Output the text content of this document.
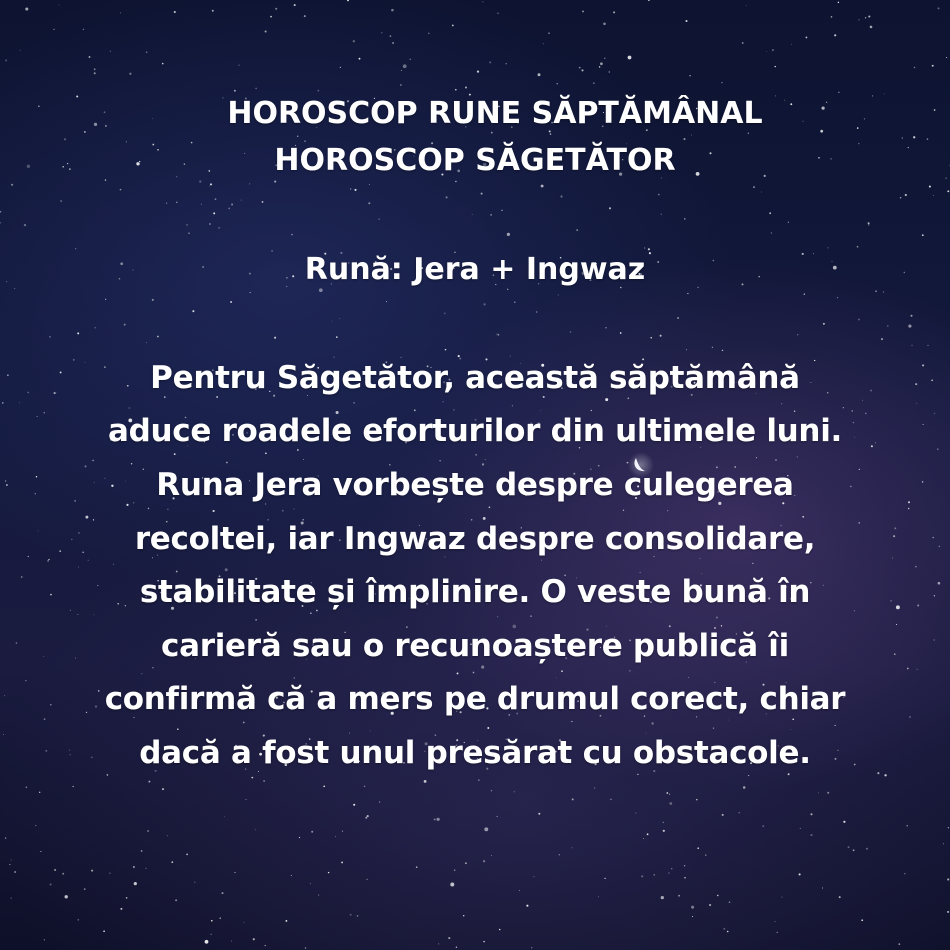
HOROSCOP RUNE SĂPTĂMÂNAL
HOROSCOP SĂGETĂTOR
Rună: Jera + Ingwaz
Pentru Săgetător, această săptămână
aduce roadele eforturilor din ultimele luni.
Runa Jera vorbește despre culegerea
recoltei, iar Ingwaz despre consolidare,
stabilitate și împlinire. O veste bună în
carieră sau o recunoaștere publică îi
confirmă că a mers pe drumul corect, chiar
dacă a fost unul presărat cu obstacole.
